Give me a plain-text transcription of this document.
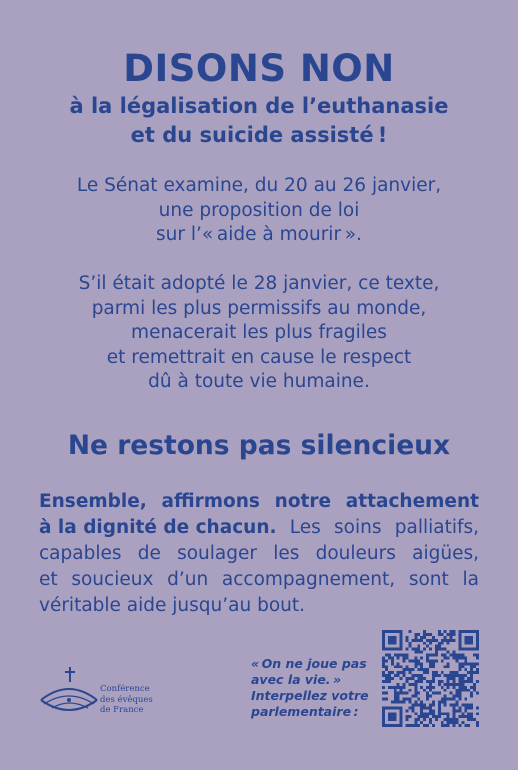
DISONS NON
à la légalisation de l’euthanasie
et du suicide assisté !
Le Sénat examine, du 20 au 26 janvier,
une proposition de loi
sur l’« aide à mourir ».
S’il était adopté le 28 janvier, ce texte,
parmi les plus permissifs au monde,
menacerait les plus fragiles
et remettrait en cause le respect
dû à toute vie humaine.
Ne restons pas silencieux
Ensemble, affirmons notre attachement
à la dignité de chacun. Les soins palliatifs,
capables de soulager les douleurs aigües,
et soucieux d’un accompagnement, sont la
véritable aide jusqu’au bout.
Conférence
des évêques
de France
« On ne joue pas
avec la vie. »
Interpellez votre
parlementaire :
